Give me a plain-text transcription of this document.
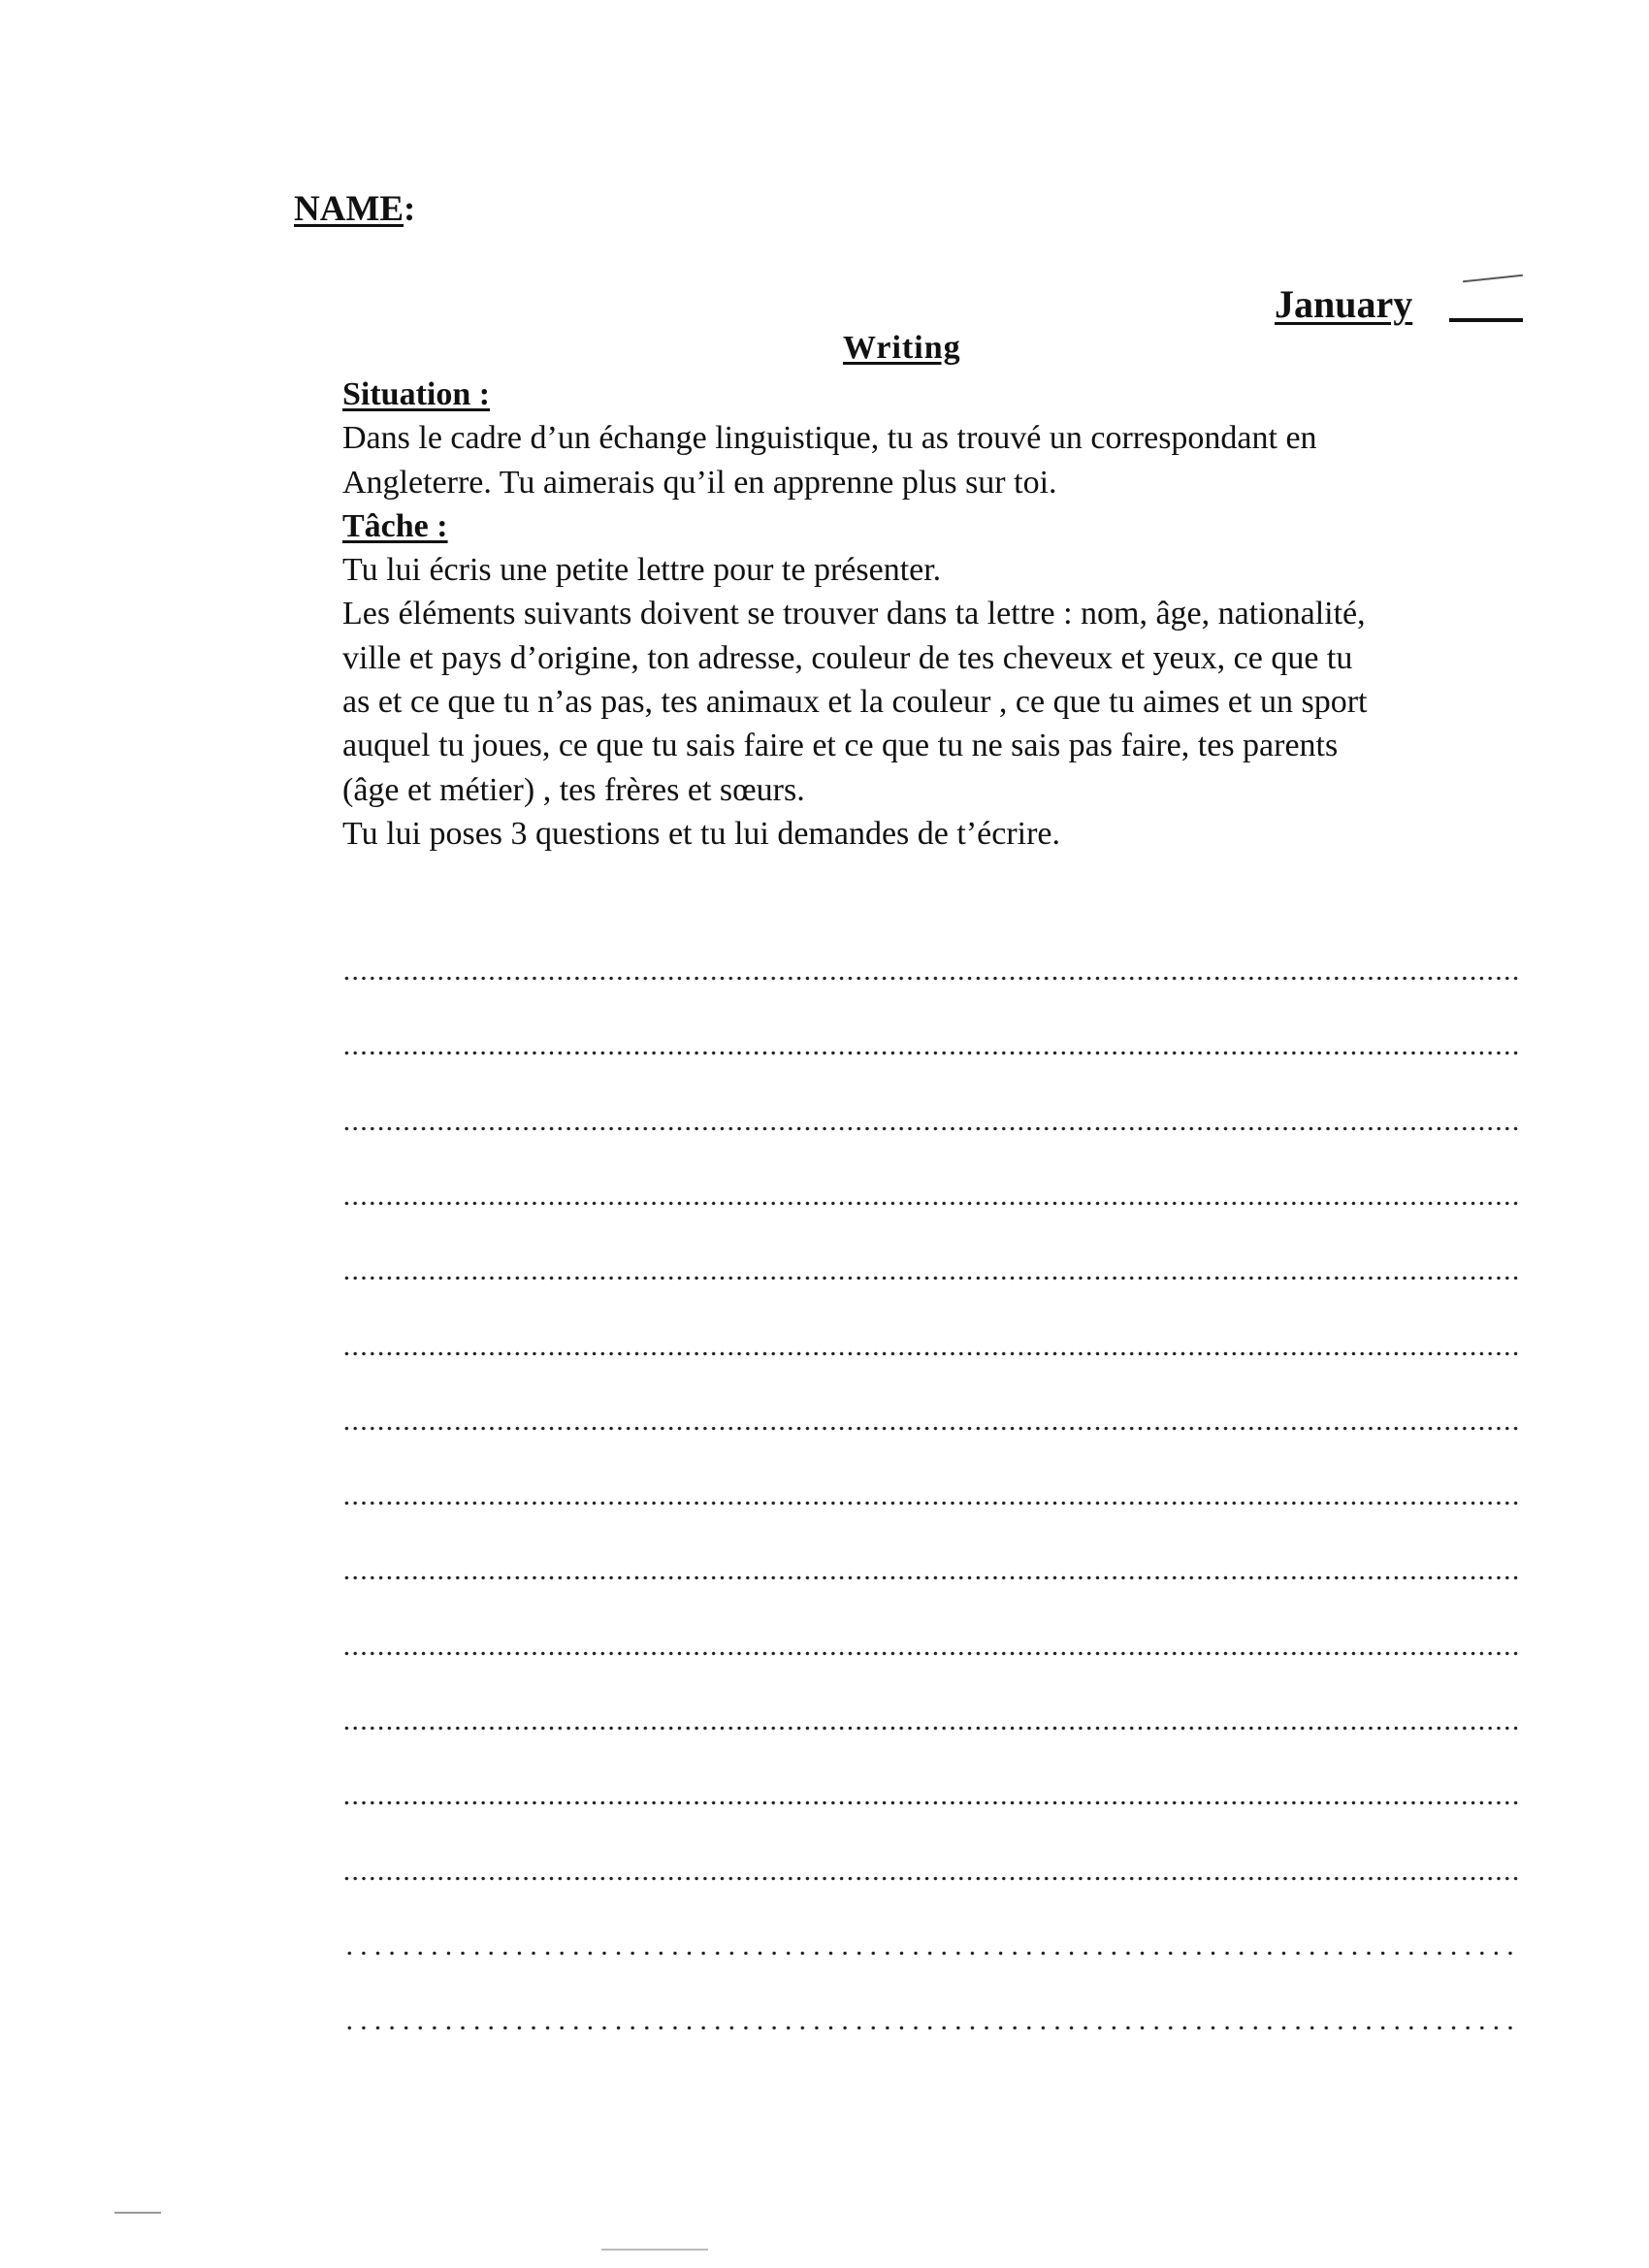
NAME:
January
Writing
Situation :
Dans le cadre d’un échange linguistique, tu as trouvé un correspondant en
Angleterre. Tu aimerais qu’il en apprenne plus sur toi.
Tâche :
Tu lui écris une petite lettre pour te présenter.
Les éléments suivants doivent se trouver dans ta lettre : nom, âge, nationalité,
ville et pays d’origine, ton adresse, couleur de tes cheveux et yeux, ce que tu
as et ce que tu n’as pas, tes animaux et la couleur , ce que tu aimes et un sport
auquel tu joues, ce que tu sais faire et ce que tu ne sais pas faire, tes parents
(âge et métier) , tes frères et sœurs.
Tu lui poses 3 questions et tu lui demandes de t’écrire.
